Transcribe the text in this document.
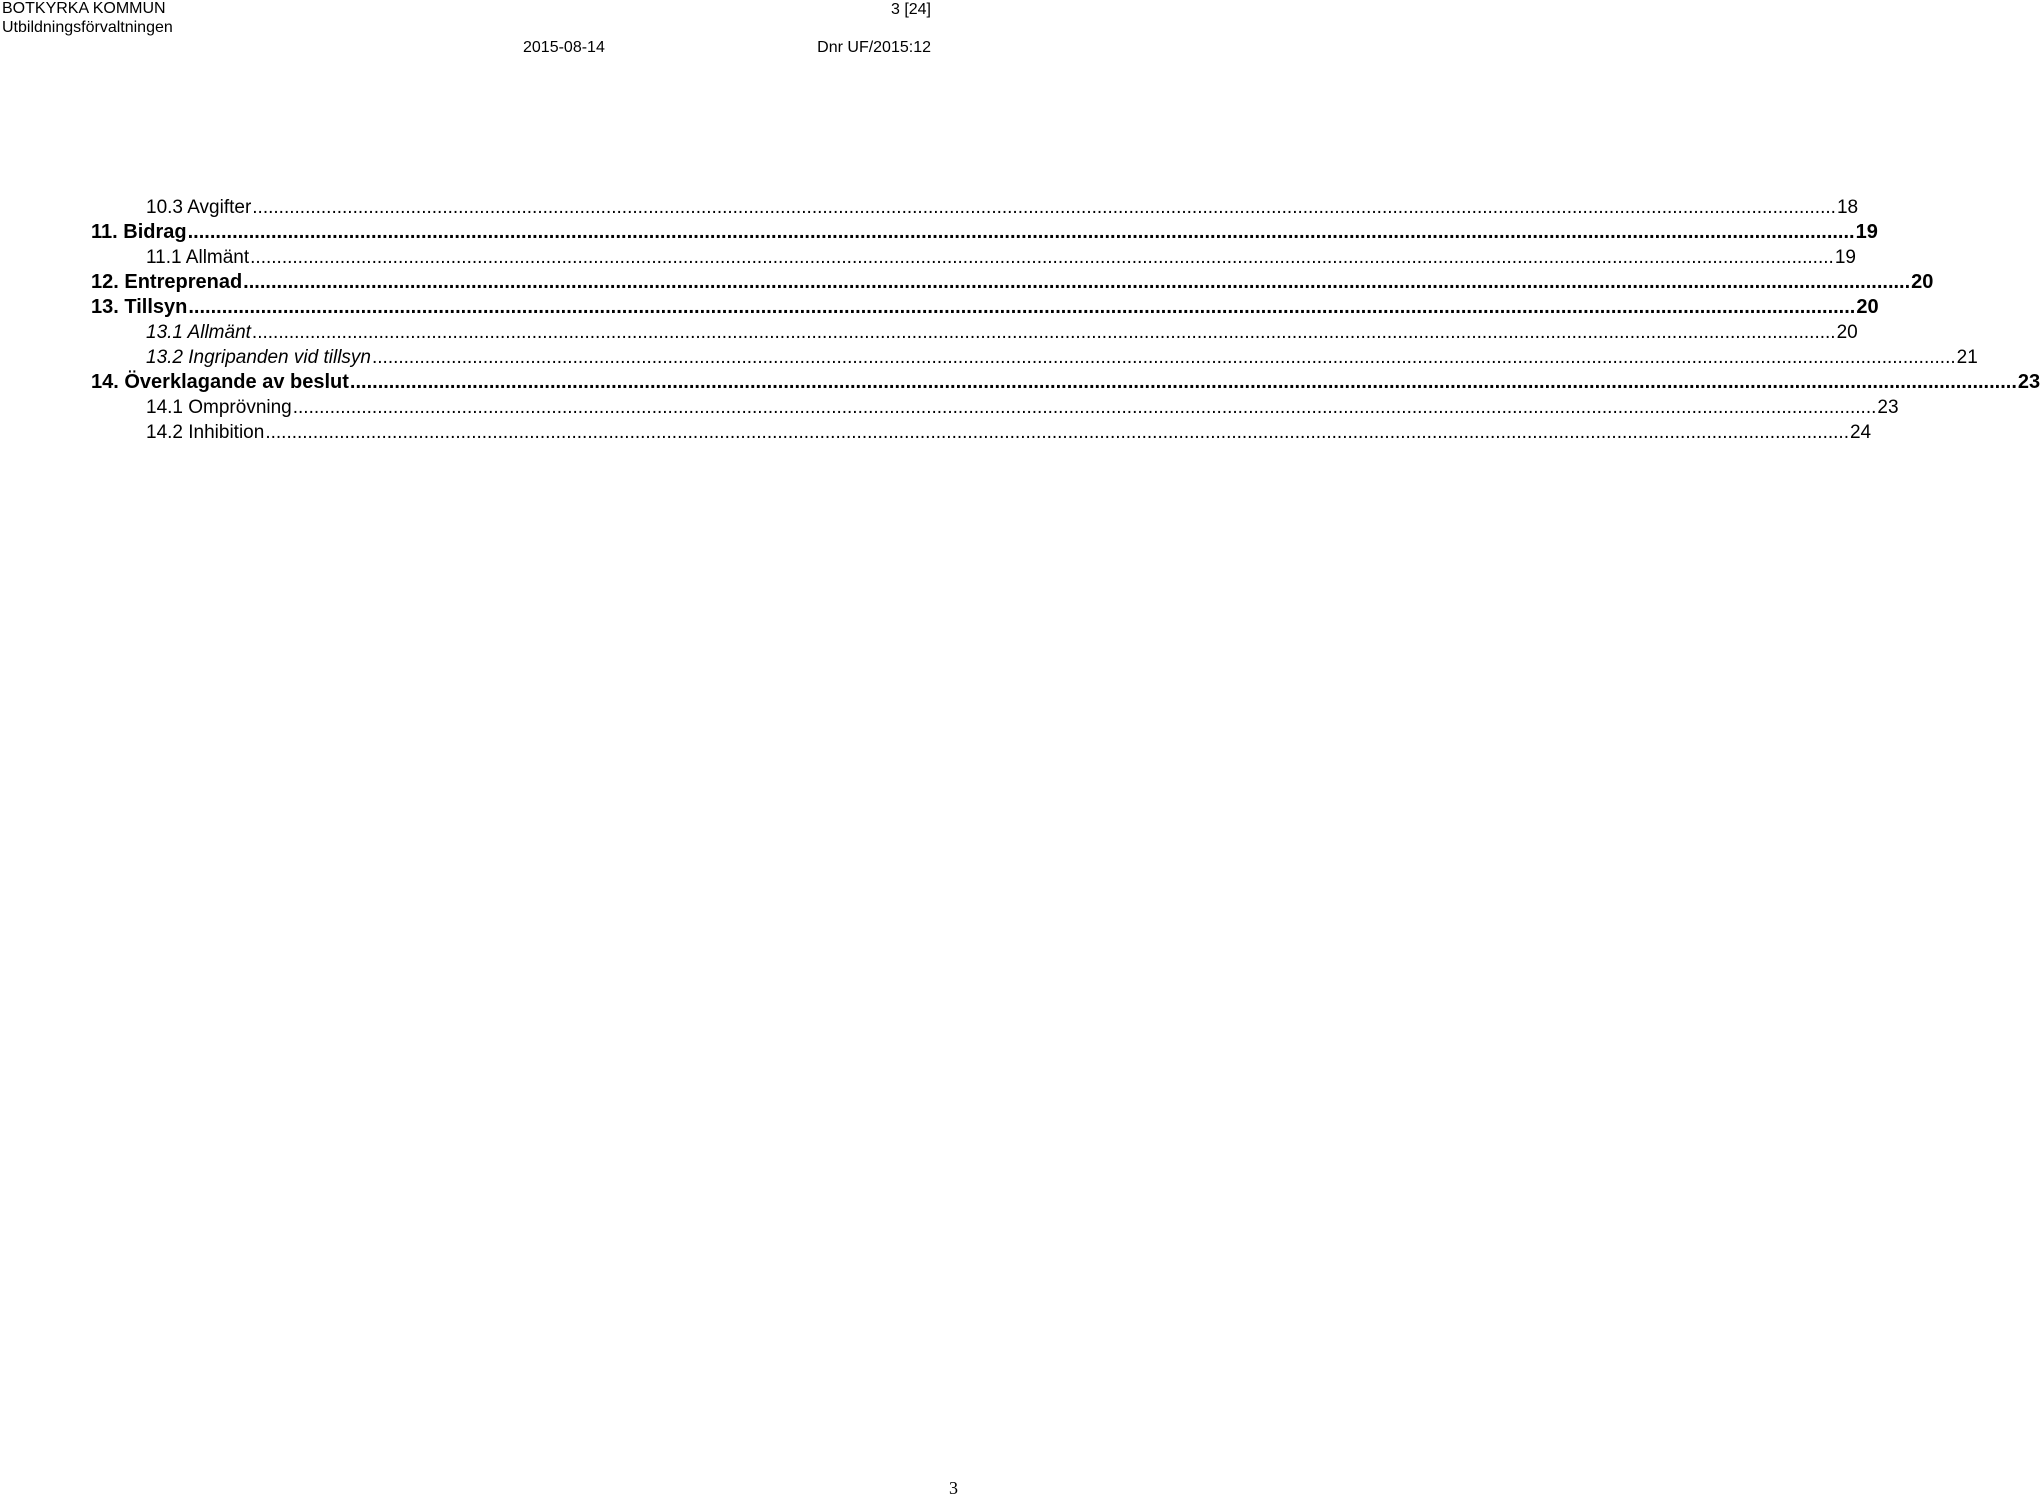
BOTKYRKA KOMMUN
Utbildningsförvaltningen
3 [24]
2015-08-14	Dnr UF/2015:12
10.3 Avgifter ............................................................................................................................................................................................................................................................................................................ 18
11. Bidrag ............................................................................................................................................................................................................................................................................................................ 19
11.1 Allmänt ............................................................................................................................................................................................................................................................................................................ 19
12. Entreprenad ............................................................................................................................................................................................................................................................................................................ 20
13. Tillsyn ............................................................................................................................................................................................................................................................................................................ 20
13.1 Allmänt ............................................................................................................................................................................................................................................................................................................ 20
13.2 Ingripanden vid tillsyn ............................................................................................................................................................................................................................................................................................................ 21
14. Överklagande av beslut ............................................................................................................................................................................................................................................................................................................ 23
14.1 Omprövning ............................................................................................................................................................................................................................................................................................................ 23
14.2 Inhibition ............................................................................................................................................................................................................................................................................................................ 24
3
